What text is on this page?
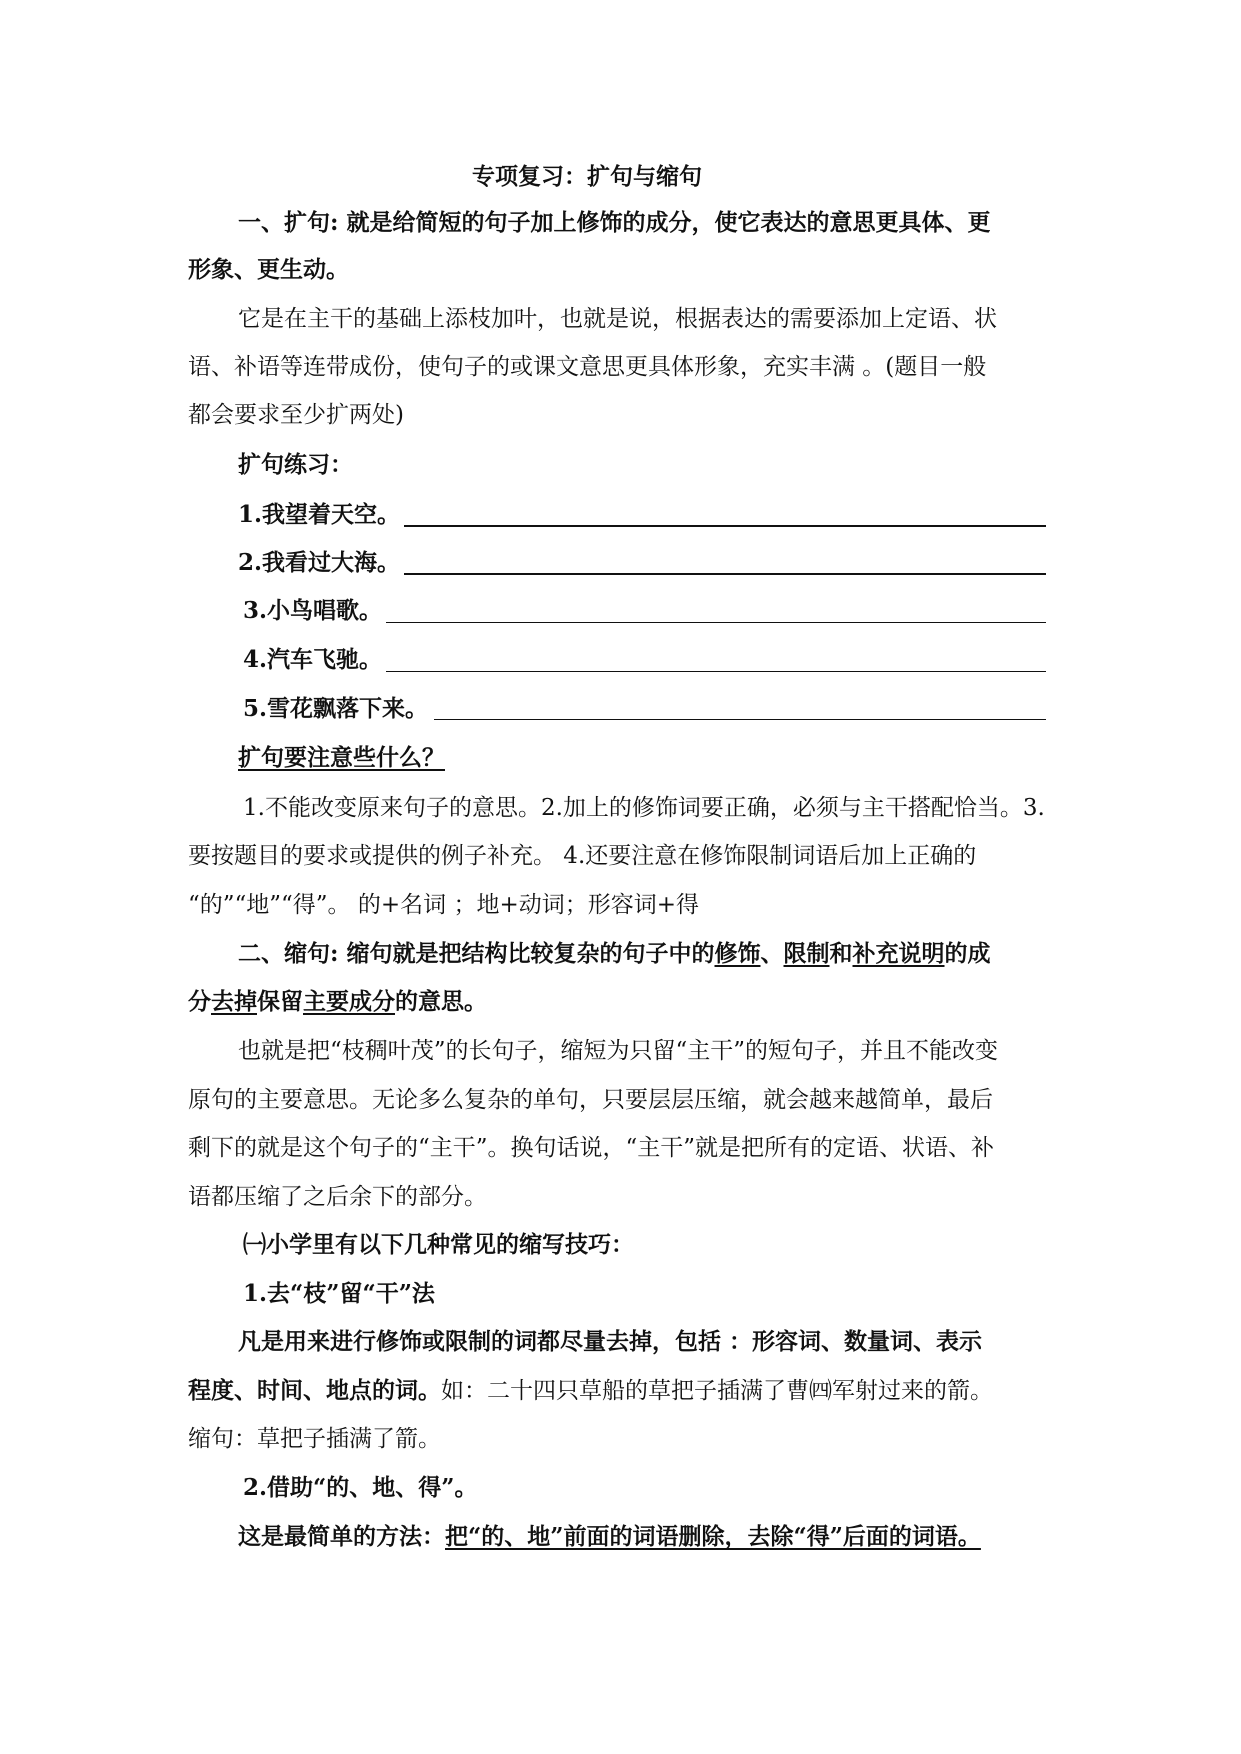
专项复习：扩句与缩句
一、扩句: 就是给简短的句子加上修饰的成分，使它表达的意思更具体、更
形象、更生动。
它是在主干的基础上添枝加叶，也就是说，根据表达的需要添加上定语、状
语、补语等连带成份，使句子的或课文意思更具体形象，充实丰满 。(题目一般
都会要求至少扩两处)
扩句练习：
1.我望着天空。
2.我看过大海。
3.小鸟唱歌。
4.汽车飞驰。
5.雪花飘落下来。
扩句要注意些什么？
1.不能改变原来句子的意思。2.加上的修饰词要正确，必须与主干搭配恰当。3.
要按题目的要求或提供的例子补充。 4.还要注意在修饰限制词语后加上正确的
“的”“地”“得”。 的+名词 ；地+动词；形容词+得
二、缩句: 缩句就是把结构比较复杂的句子中的修饰、限制和补充说明的成
分去掉保留主要成分的意思。
也就是把“枝稠叶茂”的长句子，缩短为只留“主干”的短句子，并且不能改变
原句的主要意思。无论多么复杂的单句，只要层层压缩，就会越来越简单，最后
剩下的就是这个句子的“主干”。换句话说，“主干”就是把所有的定语、状语、补
语都压缩了之后余下的部分。
㈠小学里有以下几种常见的缩写技巧：
1.去“枝”留“干”法
凡是用来进行修饰或限制的词都尽量去掉，包括 ：形容词、数量词、表示
程度、时间、地点的词。如：二十四只草船的草把子插满了曹㈣军射过来的箭。
缩句：草把子插满了箭。
2.借助“的、地、得”。
这是最简单的方法：把“的、地”前面的词语删除，去除“得”后面的词语。
